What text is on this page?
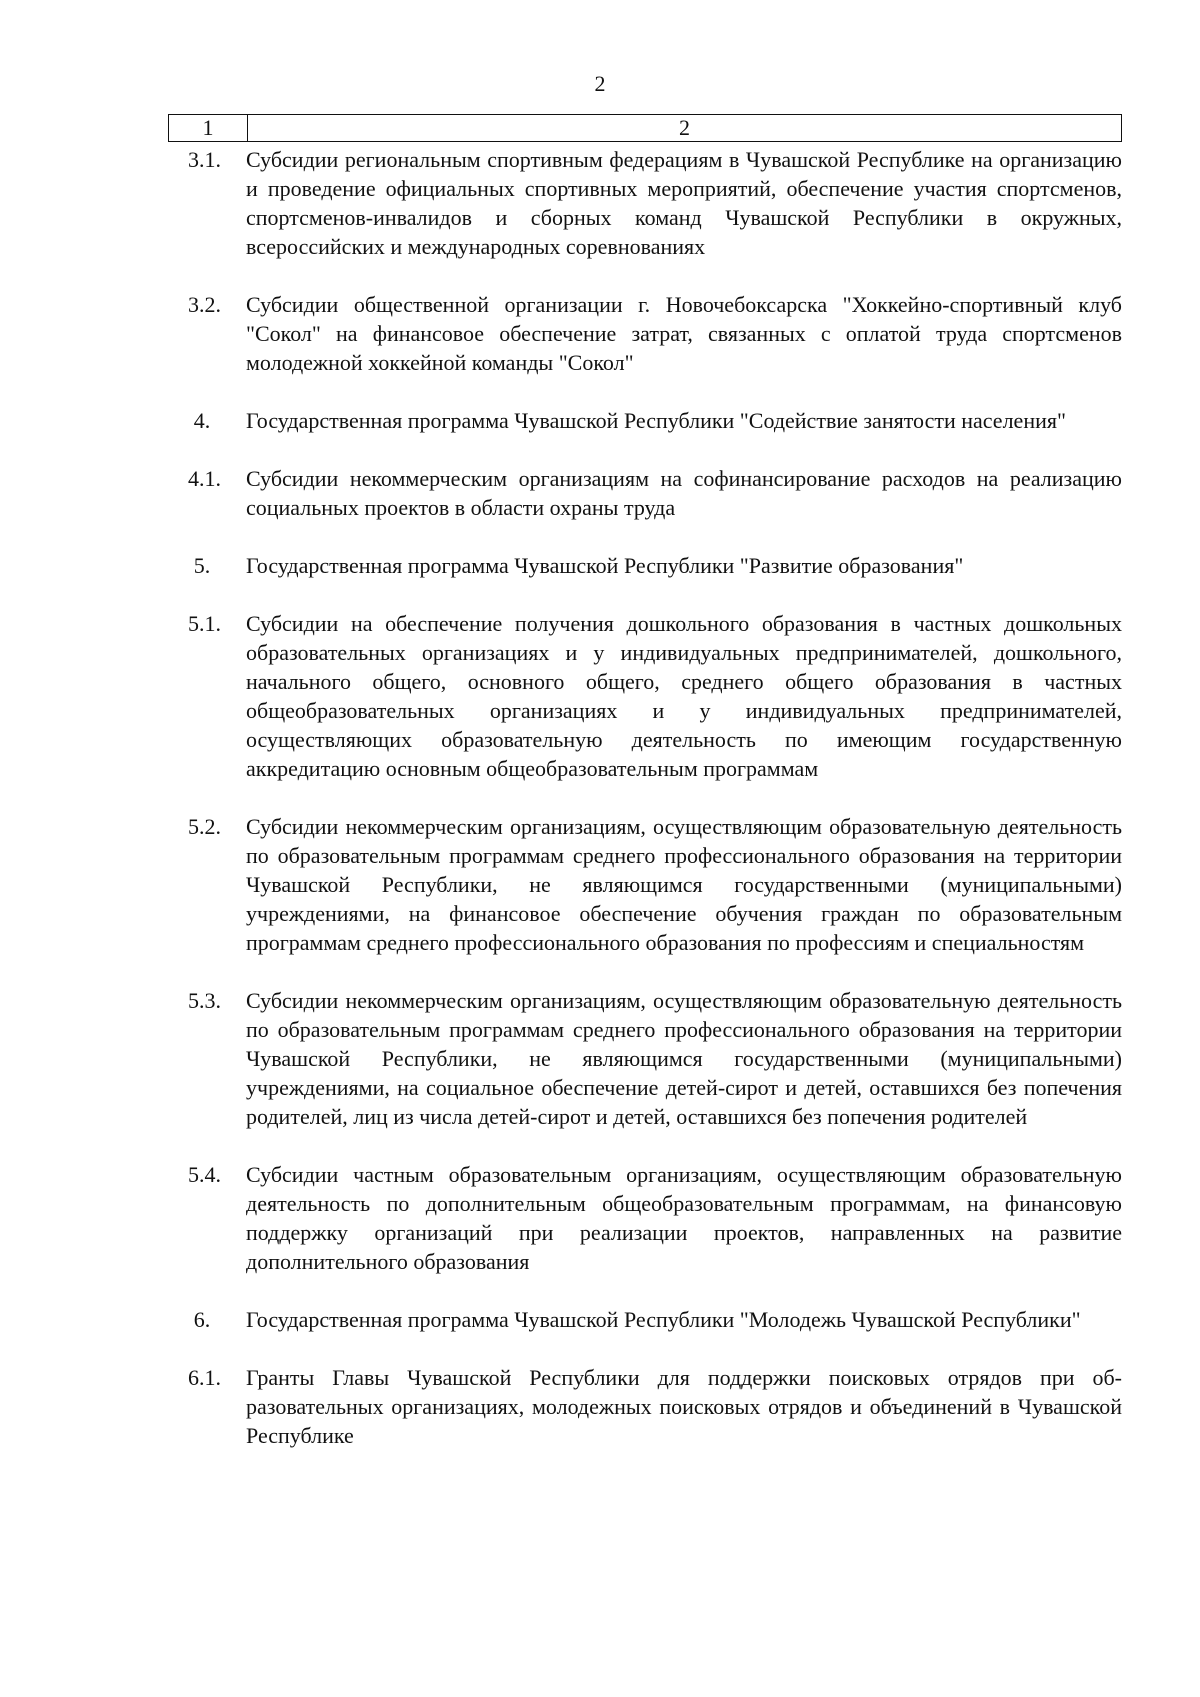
2
1	2
3.1.	Субсидии региональным спортивным федерациям в Чувашской Республике на организацию и проведение официальных спортивных мероприятий, обеспечение участия спортсменов, спортсменов-инвалидов и сборных команд Чувашской Республики в окружных, всероссийских и международных соревнованиях
3.2.	Субсидии общественной организации г. Новочебоксарска "Хоккейно-спортивный клуб "Сокол" на финансовое обеспечение затрат, связанных с оплатой труда спортсменов молодежной хоккейной команды "Сокол"
4.	Государственная программа Чувашской Республики "Содействие занятости населения"
4.1.	Субсидии некоммерческим организациям на софинансирование расходов на реализацию социальных проектов в области охраны труда
5.	Государственная программа Чувашской Республики "Развитие образования"
5.1.	Субсидии на обеспечение получения дошкольного образования в частных дошкольных образовательных организациях и у индивидуальных предпринимателей, дошкольного, начального общего, основного общего, среднего общего образования в частных общеобразовательных организациях и у индивидуальных предпринимателей, осуществляющих образовательную деятельность по имеющим государственную аккредитацию основным общеобразовательным программам
5.2.	Субсидии некоммерческим организациям, осуществляющим образовательную деятельность по образовательным программам среднего профессионального образования на территории Чувашской Республики, не являющимся государственными (муниципальными) учреждениями, на финансовое обеспечение обучения граждан по образовательным программам среднего профессионального образования по профессиям и специальностям
5.3.	Субсидии некоммерческим организациям, осуществляющим образовательную деятельность по образовательным программам среднего профессионального образования на территории Чувашской Республики, не являющимся государственными (муниципальными) учреждениями, на социальное обеспечение детей-сирот и детей, оставшихся без попечения родителей, лиц из числа детей-сирот и детей, оставшихся без попечения родителей
5.4.	Субсидии частным образовательным организациям, осуществляющим образовательную деятельность по дополнительным общеобразовательным программам, на финансовую поддержку организаций при реализации проектов, направленных на развитие дополнительного образования
6.	Государственная программа Чувашской Республики "Молодежь Чувашской Республики"
6.1.	Гранты Главы Чувашской Республики для поддержки поисковых отрядов при образовательных организациях, молодежных поисковых отрядов и объединений в Чувашской Республике
